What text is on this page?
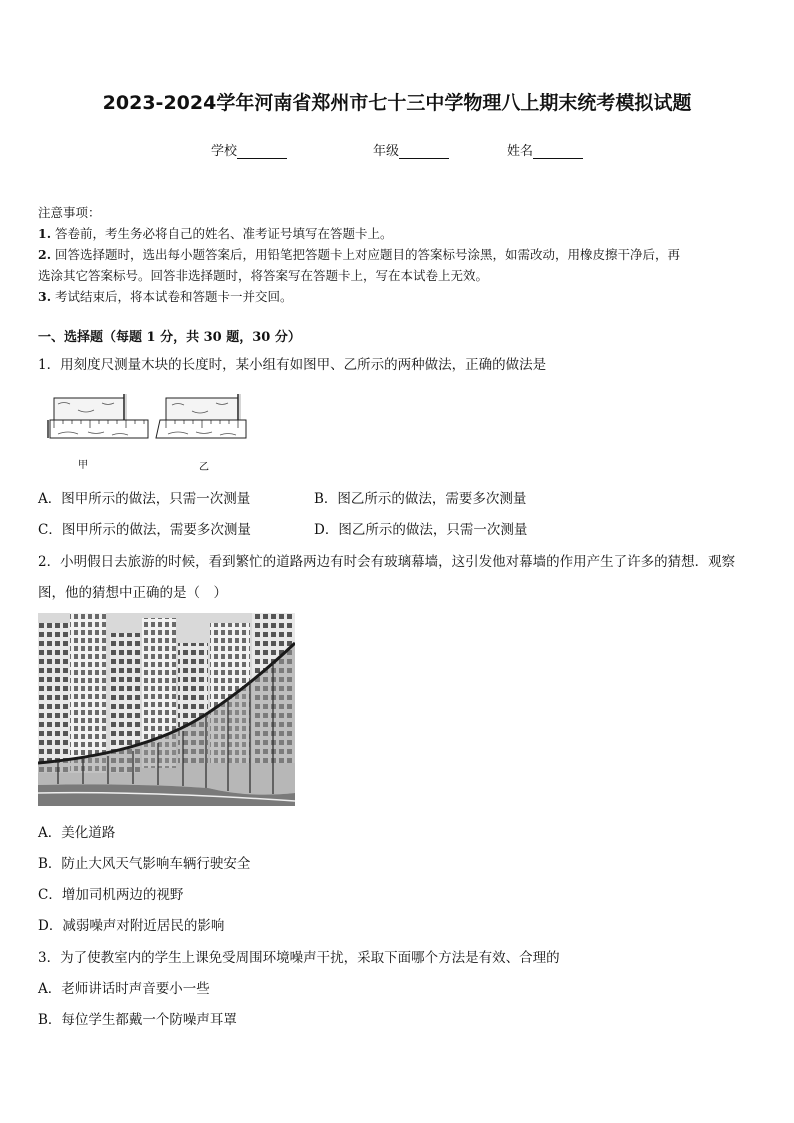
2023-2024学年河南省郑州市七十三中学物理八上期末统考模拟试题
学校	年级	姓名
注意事项：
1. 答卷前，考生务必将自己的姓名、准考证号填写在答题卡上。
2. 回答选择题时，选出每小题答案后，用铅笔把答题卡上对应题目的答案标号涂黑，如需改动，用橡皮擦干净后，再
选涂其它答案标号。回答非选择题时，将答案写在答题卡上，写在本试卷上无效。
3. 考试结束后，将本试卷和答题卡一并交回。
一、选择题（每题 1 分，共 30 题，30 分）
1．用刻度尺测量木块的长度时，某小组有如图甲、乙所示的两种做法，正确的做法是
甲	乙
A．图甲所示的做法，只需一次测量	B．图乙所示的做法，需要多次测量
C．图甲所示的做法，需要多次测量	D．图乙所示的做法，只需一次测量
2．小明假日去旅游的时候，看到繁忙的道路两边有时会有玻璃幕墙，这引发他对幕墙的作用产生了许多的猜想．观察
图，他的猜想中正确的是（　）
A．美化道路
B．防止大风天气影响车辆行驶安全
C．增加司机两边的视野
D．减弱噪声对附近居民的影响
3．为了使教室内的学生上课免受周围环境噪声干扰，采取下面哪个方法是有效、合理的
A．老师讲话时声音要小一些
B．每位学生都戴一个防噪声耳罩
